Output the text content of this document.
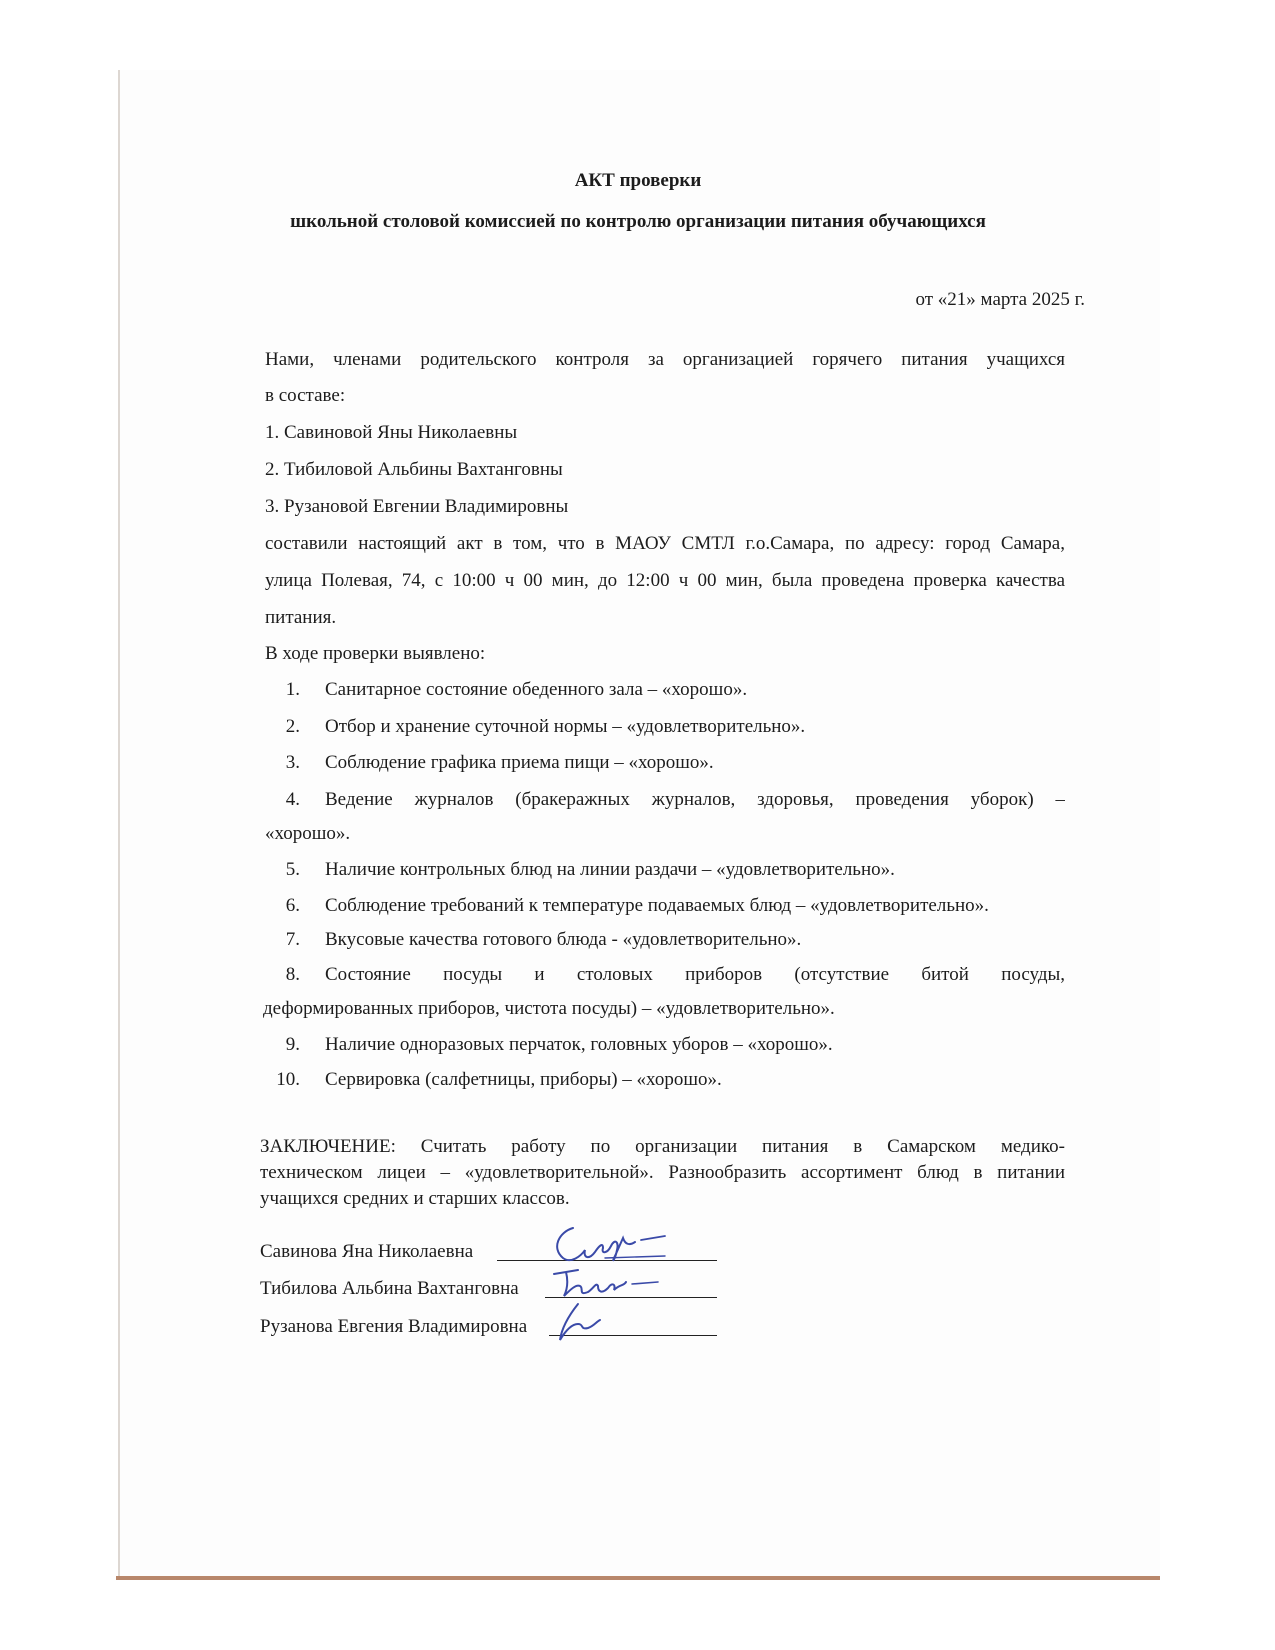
АКТ проверки
школьной столовой комиссией по контролю организации питания обучающихся
от «21» марта 2025 г.
Нами, членами родительского контроля за организацией горячего питания учащихся
в составе:
1. Савиновой Яны Николаевны
2. Тибиловой Альбины Вахтанговны
3. Рузановой Евгении Владимировны
составили настоящий акт в том, что в МАОУ СМТЛ г.о.Самара, по адресу: город Самара,
улица Полевая, 74, с 10:00 ч 00 мин, до 12:00 ч 00 мин, была проведена проверка качества
питания.
В ходе проверки выявлено:
1. Санитарное состояние обеденного зала – «хорошо».
2. Отбор и хранение суточной нормы – «удовлетворительно».
3. Соблюдение графика приема пищи – «хорошо».
4. Ведение журналов (бракеражных журналов, здоровья, проведения уборок) –
«хорошо».
5. Наличие контрольных блюд на линии раздачи – «удовлетворительно».
6. Соблюдение требований к температуре подаваемых блюд – «удовлетворительно».
7. Вкусовые качества готового блюда - «удовлетворительно».
8. Состояние посуды и столовых приборов (отсутствие битой посуды,
деформированных приборов, чистота посуды) – «удовлетворительно».
9. Наличие одноразовых перчаток, головных уборов – «хорошо».
10. Сервировка (салфетницы, приборы) – «хорошо».
ЗАКЛЮЧЕНИЕ: Считать работу по организации питания в Самарском медико-
техническом лицеи – «удовлетворительной». Разнообразить ассортимент блюд в питании
учащихся средних и старших классов.
Савинова Яна Николаевна
Тибилова Альбина Вахтанговна
Рузанова Евгения Владимировна
